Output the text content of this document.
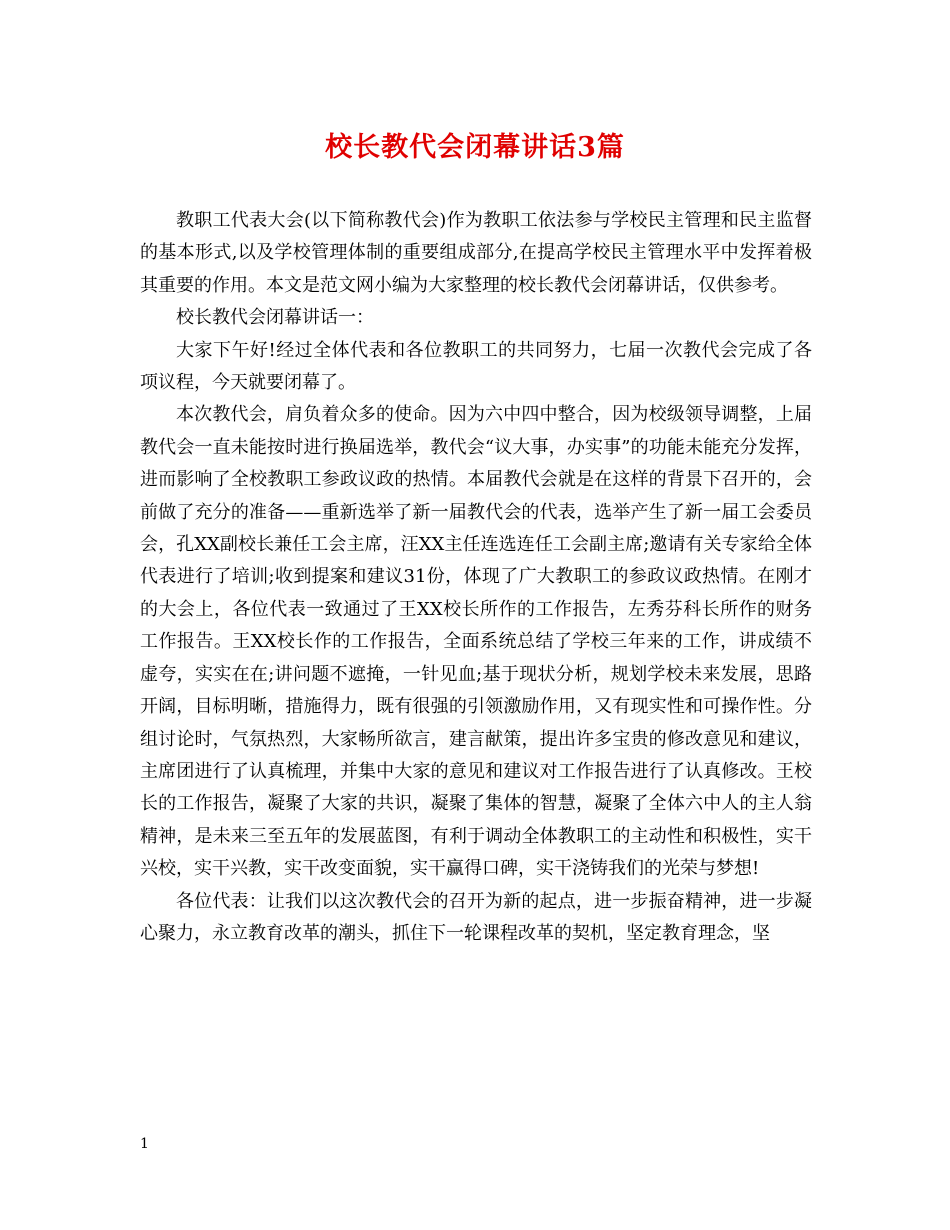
校长教代会闭幕讲话3篇

教职工代表大会(以下简称教代会)作为教职工依法参与学校民主管理和民主监督的基本形式,以及学校管理体制的重要组成部分,在提高学校民主管理水平中发挥着极其重要的作用。本文是范文网小编为大家整理的校长教代会闭幕讲话，仅供参考。

校长教代会闭幕讲话一：

大家下午好!经过全体代表和各位教职工的共同努力，七届一次教代会完成了各项议程，今天就要闭幕了。

本次教代会，肩负着众多的使命。因为六中四中整合，因为校级领导调整，上届教代会一直未能按时进行换届选举，教代会“议大事，办实事”的功能未能充分发挥，进而影响了全校教职工参政议政的热情。本届教代会就是在这样的背景下召开的，会前做了充分的准备——重新选举了新一届教代会的代表，选举产生了新一届工会委员会，孔XX副校长兼任工会主席，汪XX主任连选连任工会副主席;邀请有关专家给全体代表进行了培训;收到提案和建议31份，体现了广大教职工的参政议政热情。在刚才的大会上，各位代表一致通过了王XX校长所作的工作报告，左秀芬科长所作的财务工作报告。王XX校长作的工作报告，全面系统总结了学校三年来的工作，讲成绩不虚夸，实实在在;讲问题不遮掩，一针见血;基于现状分析，规划学校未来发展，思路开阔，目标明晰，措施得力，既有很强的引领激励作用，又有现实性和可操作性。分组讨论时，气氛热烈，大家畅所欲言，建言献策，提出许多宝贵的修改意见和建议，主席团进行了认真梳理，并集中大家的意见和建议对工作报告进行了认真修改。王校长的工作报告，凝聚了大家的共识，凝聚了集体的智慧，凝聚了全体六中人的主人翁精神，是未来三至五年的发展蓝图，有利于调动全体教职工的主动性和积极性，实干兴校，实干兴教，实干改变面貌，实干赢得口碑，实干浇铸我们的光荣与梦想!

各位代表：让我们以这次教代会的召开为新的起点，进一步振奋精神，进一步凝心聚力，永立教育改革的潮头，抓住下一轮课程改革的契机，坚定教育理念，坚

1
